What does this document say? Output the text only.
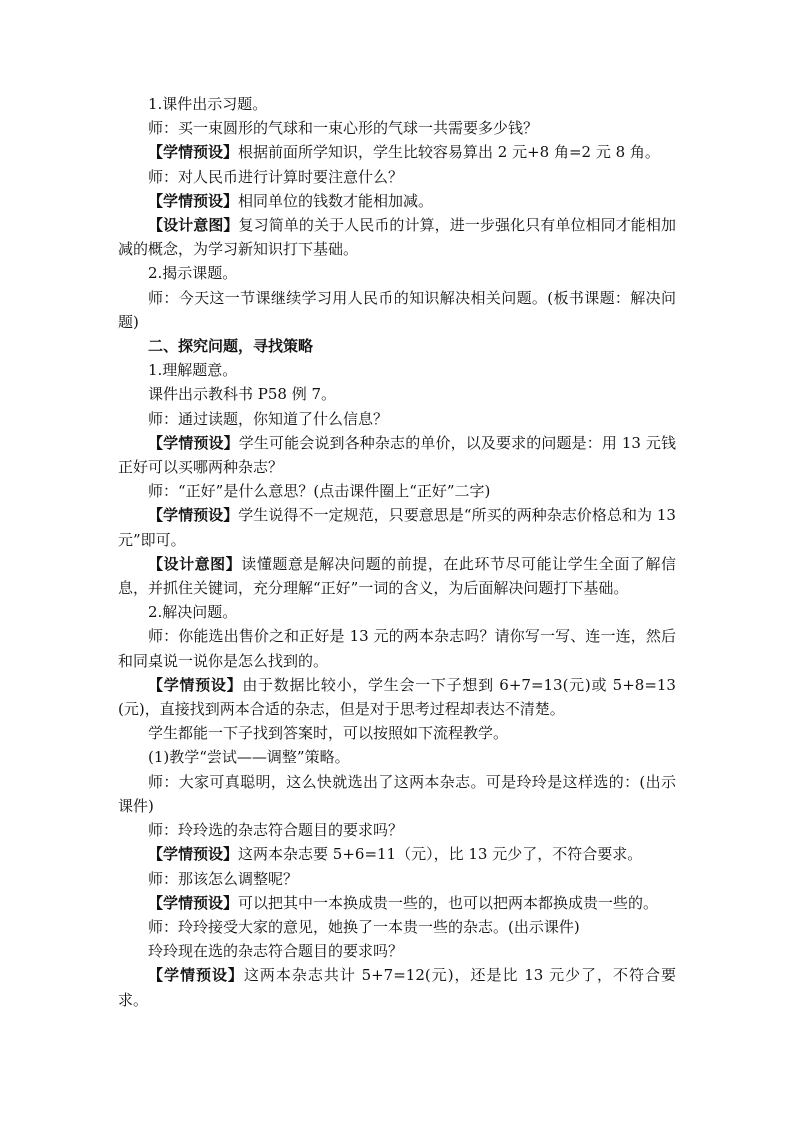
1.课件出示习题。

师：买一束圆形的气球和一束心形的气球一共需要多少钱？

【学情预设】根据前面所学知识，学生比较容易算出 2 元+8 角=2 元 8 角。

师：对人民币进行计算时要注意什么？

【学情预设】相同单位的钱数才能相加减。

【设计意图】复习简单的关于人民币的计算，进一步强化只有单位相同才能相加减的概念，为学习新知识打下基础。

2.揭示课题。

师：今天这一节课继续学习用人民币的知识解决相关问题。(板书课题：解决问题)

二、探究问题，寻找策略

1.理解题意。

课件出示教科书 P58 例 7。

师：通过读题，你知道了什么信息？

【学情预设】学生可能会说到各种杂志的单价，以及要求的问题是：用 13 元钱正好可以买哪两种杂志？

师：“正好”是什么意思？(点击课件圈上“正好”二字)

【学情预设】学生说得不一定规范，只要意思是“所买的两种杂志价格总和为 13 元”即可。

【设计意图】读懂题意是解决问题的前提，在此环节尽可能让学生全面了解信息，并抓住关键词，充分理解“正好”一词的含义，为后面解决问题打下基础。

2.解决问题。

师：你能选出售价之和正好是 13 元的两本杂志吗？请你写一写、连一连，然后和同桌说一说你是怎么找到的。

【学情预设】由于数据比较小，学生会一下子想到 6+7=13(元)或 5+8=13(元)，直接找到两本合适的杂志，但是对于思考过程却表达不清楚。

学生都能一下子找到答案时，可以按照如下流程教学。

(1)教学“尝试——调整”策略。

师：大家可真聪明，这么快就选出了这两本杂志。可是玲玲是这样选的：(出示课件)

师：玲玲选的杂志符合题目的要求吗？

【学情预设】这两本杂志要 5+6=11（元），比 13 元少了，不符合要求。

师：那该怎么调整呢？

【学情预设】可以把其中一本换成贵一些的，也可以把两本都换成贵一些的。

师：玲玲接受大家的意见，她换了一本贵一些的杂志。(出示课件)

玲玲现在选的杂志符合题目的要求吗？

【学情预设】这两本杂志共计 5+7=12(元)，还是比 13 元少了，不符合要求。
